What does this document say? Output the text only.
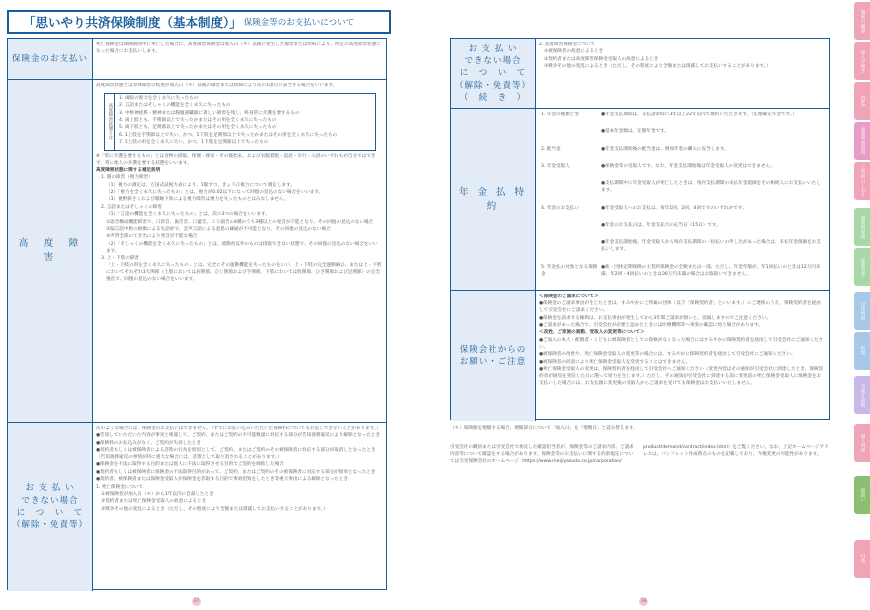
「思いやり共済保険制度（基本制度）」 保険金等のお支払いについて
保険金のお支払い

死亡保険金は保険期間中に死亡した場合に、高度障害保険金は加入日（＊）以後に発生した傷害または疾病により、所定の高度障害状態になった場合にお支払いします。

高　度　障　害

高度障害状態とは身体障害の程度が加入日（＊）以後の傷害または疾病により次の1項目に該当する場合をいいます。

高度障害状態とは

1. 両眼の視力を全く永久に失ったもの

2. 言語またはそしゃくの機能を全く永久に失ったもの

3. 中枢神経系・精神または胸腹部臓器に著しい障害を残し、終身常に介護を要するもの

4. 両上肢とも、手関節以上で失ったかまたはその用を全く永久に失ったもの

5. 両下肢とも、足関節以上で失ったかまたはその用を全く永久に失ったもの

6. 1上肢を手関節以上で失い、かつ、1下肢を足関節以上で失ったかまたはその用を全く永久に失ったもの

7. 1上肢の用を全く永久に失い、かつ、1下肢を足関節以上で失ったもの

※「常に介護を要するもの」とは食物の摂取、排便・排尿・その後始末、および衣服着脱・起居・歩行・入浴のいずれもが自分ではできず、常に他人の介護を要する状態をいいます。

高度障害状態に関する補足説明

1. 眼の障害（視力障害）

（1）視力の測定は、万国式試視力表により、1眼ずつ、きょう正視力について測定します。

（2）「視力を全く永久に失ったもの」とは、視力が0.02以下になって回復の見込のない場合をいいます。

（3）視野狭さくおよび眼瞼下垂による視力障害は視力を失ったものとはみなしません。

2. 言語またはそしゃくの障害

（1）「言語の機能を全く永久に失ったもの」とは、次の3つの場合をいいます。

①語音構成機能障害で、口唇音、歯舌音、口蓋音、こう頭音の4種のうち3種以上の発音が不能となり、その回復の見込のない場合

②脳言語中枢の損傷による失語症で、音声言語による意思の疎通が不可能となり、その回復の見込のない場合

③声帯全部のてき出により発音が不能な場合

（2）「そしゃくの機能を全く永久に失ったもの」とは、流動食以外のものは摂取できない状態で、その回復の見込のない場合をいいます。

3. 上・下肢の障害

「上・下肢の用を全く永久に失ったもの」とは、完全にその運動機能を失ったものをいい、上・下肢の完全運動麻ひ、または上・下肢においてそれぞれ3大関節（上肢においては肩関節、ひじ関節および手関節、下肢においては股関節、ひざ関節および足関節）の完全強直で、回復の見込のない場合をいいます。

お 支 払 い
できない場合
に　つ　い　て
（解除・免責等）

次のような場合には、保険金のお支払いはできません。（すでにお払い込みいただいた保険料についてもお返しできないことがあります。）

●告知していただいた内容が事実と相違して、ご契約、またはご契約の不可能数量に対応する部分が告知義務違反により解除となったとき

●保険料のお払込みがなく、ご契約が失効したとき

●契約者もしくは被保険者による詐欺の行為を原因として、ご契約、またはご契約のその被保険者に対応する部分が取消しとなったとき（告知義務違反の事情が特に重大な場合には、詐欺として取り消されることがあります。）

●保険金を不法に取得する目的または他人に不法に取得させる目的でご契約を締結した場合

●契約者もしくは被保険者に保険金の不法取得目的があって、ご契約、またはご契約のその被保険者に対応する部分が無効となったとき

●契約者、被保険者または保険金受取人が保険金を詐取する目的で事故招致をしたとき等重大事由による解除となったとき

1. 死亡保険金について

①被保険者が加入日（＊）から1年以内に自殺したとき

②契約者または死亡保険金受取人の故意によるとき

③戦争その他の変乱によるとき（ただし、その程度により全額または削減してお支払いすることがあります。）

37
お 支 払 い
できない場合
に　つ　い　て
（解除・免責等）
（　続　き　）

2. 高度障害保険金について

①被保険者の故意によるとき

②契約者または高度障害保険金受取人の故意によるとき

③戦争その他の変乱によるとき（ただし、その程度により全額または削減してお支払いすることがあります。）

年 金 払 特 約
1. 年金の種類と型	●年金支払期間は、支払請求時に3年以上22年以内で選択いただきます。（定額確定年金です。）
●基本年金額は、定額年金です。
2. 配当金	●年金支払開始後の配当金は、増加年金の購入に充当します。
3. 年金受取人	●保険金等の受取人です。なお、年金支払開始後は年金受取人の変更はできません。
●支払期間中に年金受取人が死亡したときは、残存支払期間の未払年金現価をその相続人にお支払いいたします。
4. 年金のお支払い	●年金受取人へのお支払は、毎年1回、2回、4回ですのいずれかです。
●年金のお支払日は、年金支払月の応当日（15日）です。
●年金支払開始後、年金受取人から残存支払期間の一括払いの申し出があった場合は、未払年金現価をお支払いします。
5. 年金払の対象となる保険金
●新・団体定期保険の主契約保険金の全額または一部、ただし、年金年額が、年1回払いのときは12万円未満、年2回・4回払いのときは36万円未満の場合はお取扱いできません。
保険会社からの
お願い・ご注意

＜保険金のご請求について＞

●保険金のご請求事由が生じたときは、すみやかにご所属の団体（以下「保険契約者」といいます。）にご連絡のうえ、保険契約者を経由して引受会社にご請求ください。

●保険金を請求する権利は、お支払事由が発生してから3年間ご請求が無いと、消滅しますのでご注意ください。

●ご請求があった場合で、引受会社が必要と認めたときには医療機関等へ事実の確認に伺う場合があります。

＜改姓、ご家族の異動、受取人の変更等について＞

●ご加入の本人・配偶者・こどもに被保険者としての資格がなくなった場合にはすみやかに保険契約者を経由して引受会社にご通知ください。

●被保険者の改姓や、死亡保険金受取人の変更等の場合には、すみやかに保険契約者を経由して引受会社にご通知ください。

●被保険者の同意により死亡保険金受取人を変更することはできません。

●死亡保険金受取人の変更は、保険契約者を経由して引受会社へご通知ください（変更内容はその通知が引受会社に到達したとき、保険契約者が通知を発信した日に遡って効力を生じます。）ただし、その通知が引受会社に到達する前に変更前の死亡保険金受取人に保険金をお支払いした場合には、お支払後に変更後の受取人からご請求を受けても保険金はお支払いいたしません。

（＊）保険額を増額する場合、増額部分について「加入日」を「増額日」と読み替えます。
引受会社の職員または引受会社で委託した確認担当者が、保険金等のご請求内容、ご請求内容等について確認をする場合があります。保険金等のお支払いに関する約款規定については引受保険会社のホームページ（https://www.meijiyasuda.co.jp/corporation/
product/demand/contract/index.html）をご覧ください。なお、上記ホームページアドレスは、パンフレット作成時点のものを記載しており、今後変更の可能性があります。
38
制度の概要
加入手続き
Q&A
重要事項説明
ご契約のしおり
制度別保障
保険金等
団体情報
約款
手続き書類
個人情報
取扱い
付表
